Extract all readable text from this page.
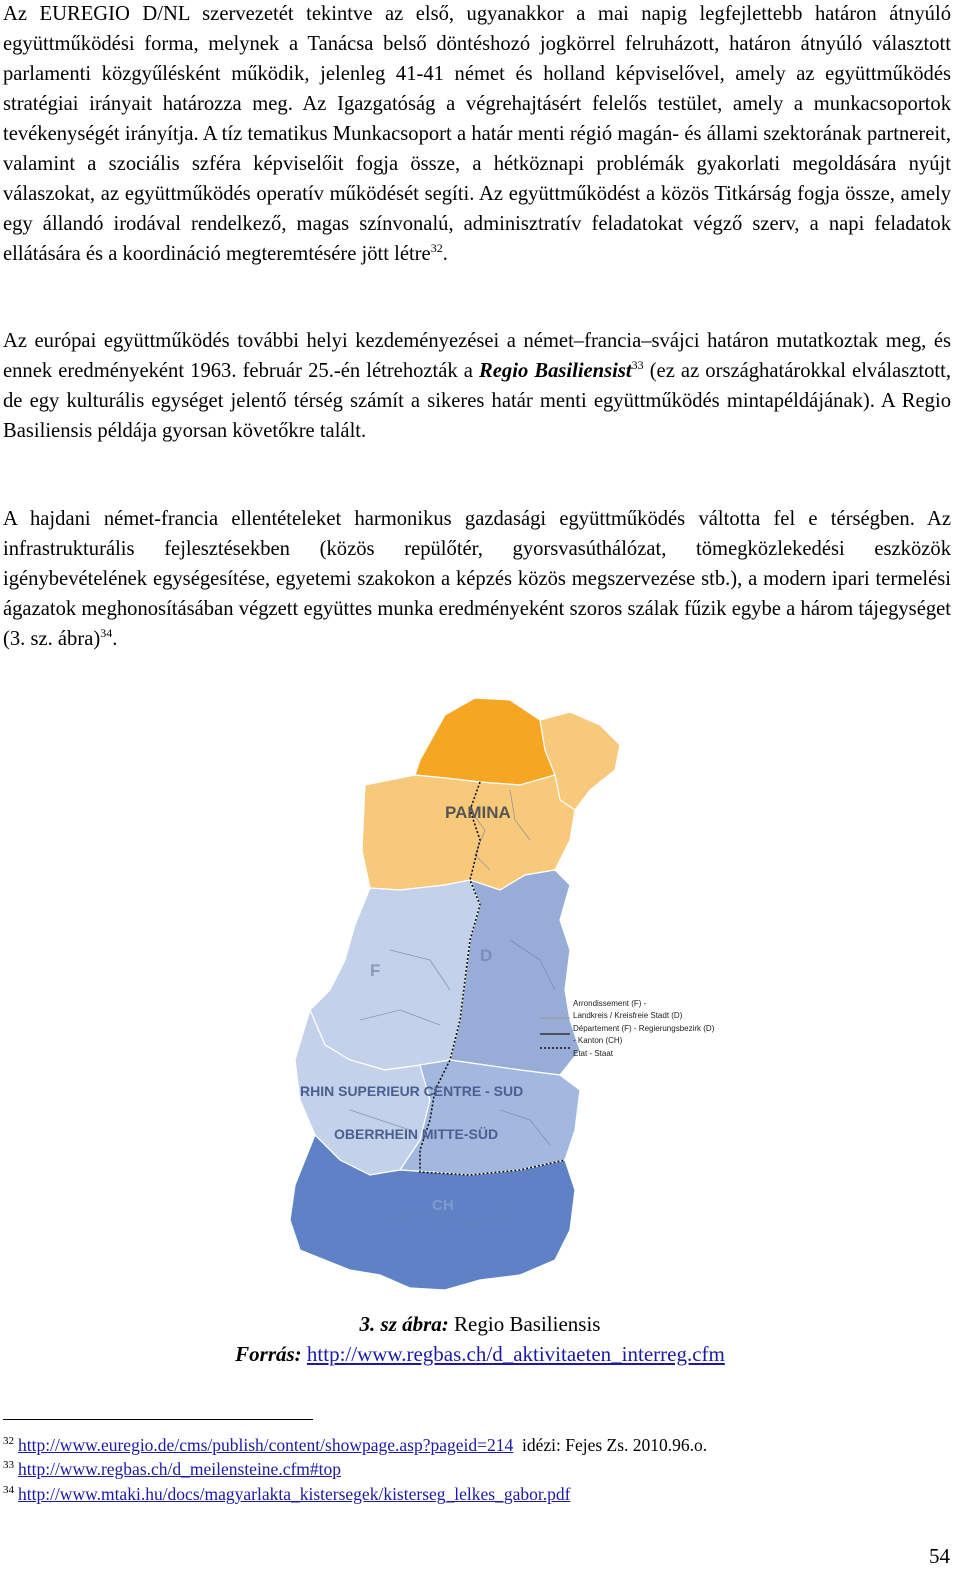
Az EUREGIO D/NL szervezetét tekintve az első, ugyanakkor a mai napig legfejlettebb határon átnyúló együttműködési forma, melynek a Tanácsa belső döntéshozó jogkörrel felruházott, határon átnyúló választott parlamenti közgyűlésként működik, jelenleg 41-41 német és holland képviselővel, amely az együttműködés stratégiai irányait határozza meg. Az Igazgatóság a végrehajtásért felelős testület, amely a munkacsoportok tevékenységét irányítja. A tíz tematikus Munkacsoport a határ menti régió magán- és állami szektorának partnereit, valamint a szociális szféra képviselőit fogja össze, a hétköznapi problémák gyakorlati megoldására nyújt válaszokat, az együttműködés operatív működését segíti. Az együttműködést a közös Titkárság fogja össze, amely egy állandó irodával rendelkező, magas színvonalú, adminisztratív feladatokat végző szerv, a napi feladatok ellátására és a koordináció megteremtésére jött létre$^{32}$.

Az európai együttműködés további helyi kezdeményezései a német–francia–svájci határon mutatkoztak meg, és ennek eredményeként 1963. február 25.-én létrehozták a Regio Basiliensist$^{33}$ (ez az országhatárokkal elválasztott, de egy kulturális egységet jelentő térség számít a sikeres határ menti együttműködés mintapéldájának). A Regio Basiliensis példája gyorsan követőkre talált.

A hajdani német-francia ellentételeket harmonikus gazdasági együttműködés váltotta fel e térségben. Az infrastrukturális fejlesztésekben (közös repülőtér, gyorsvasúthálózat, tömegközlekedési eszközök igénybevételének egységesítése, egyetemi szakokon a képzés közös megszervezése stb.), a modern ipari termelési ágazatok meghonosításában végzett együttes munka eredményeként szoros szálak fűzik egybe a három tájegységet (3. sz. ábra)$^{34}$.

PAMINA
F
D
CH
RHIN SUPERIEUR CENTRE - SUD
OBERRHEIN MITTE-SÜD
Arrondissement (F) -
Landkreis / Kreisfreie Stadt (D)
Département (F) - Regierungsbezirk (D)
- Kanton (CH)
Etat - Staat
3. sz ábra: Regio Basiliensis
Forrás: http://www.regbas.ch/d_aktivitaeten_interreg.cfm
$^{32}$ http://www.euregio.de/cms/publish/content/showpage.asp?pageid=214  idézi: Fejes Zs. 2010.96.o.
$^{33}$ http://www.regbas.ch/d_meilensteine.cfm#top
$^{34}$ http://www.mtaki.hu/docs/magyarlakta_kistersegek/kisterseg_lelkes_gabor.pdf
54
